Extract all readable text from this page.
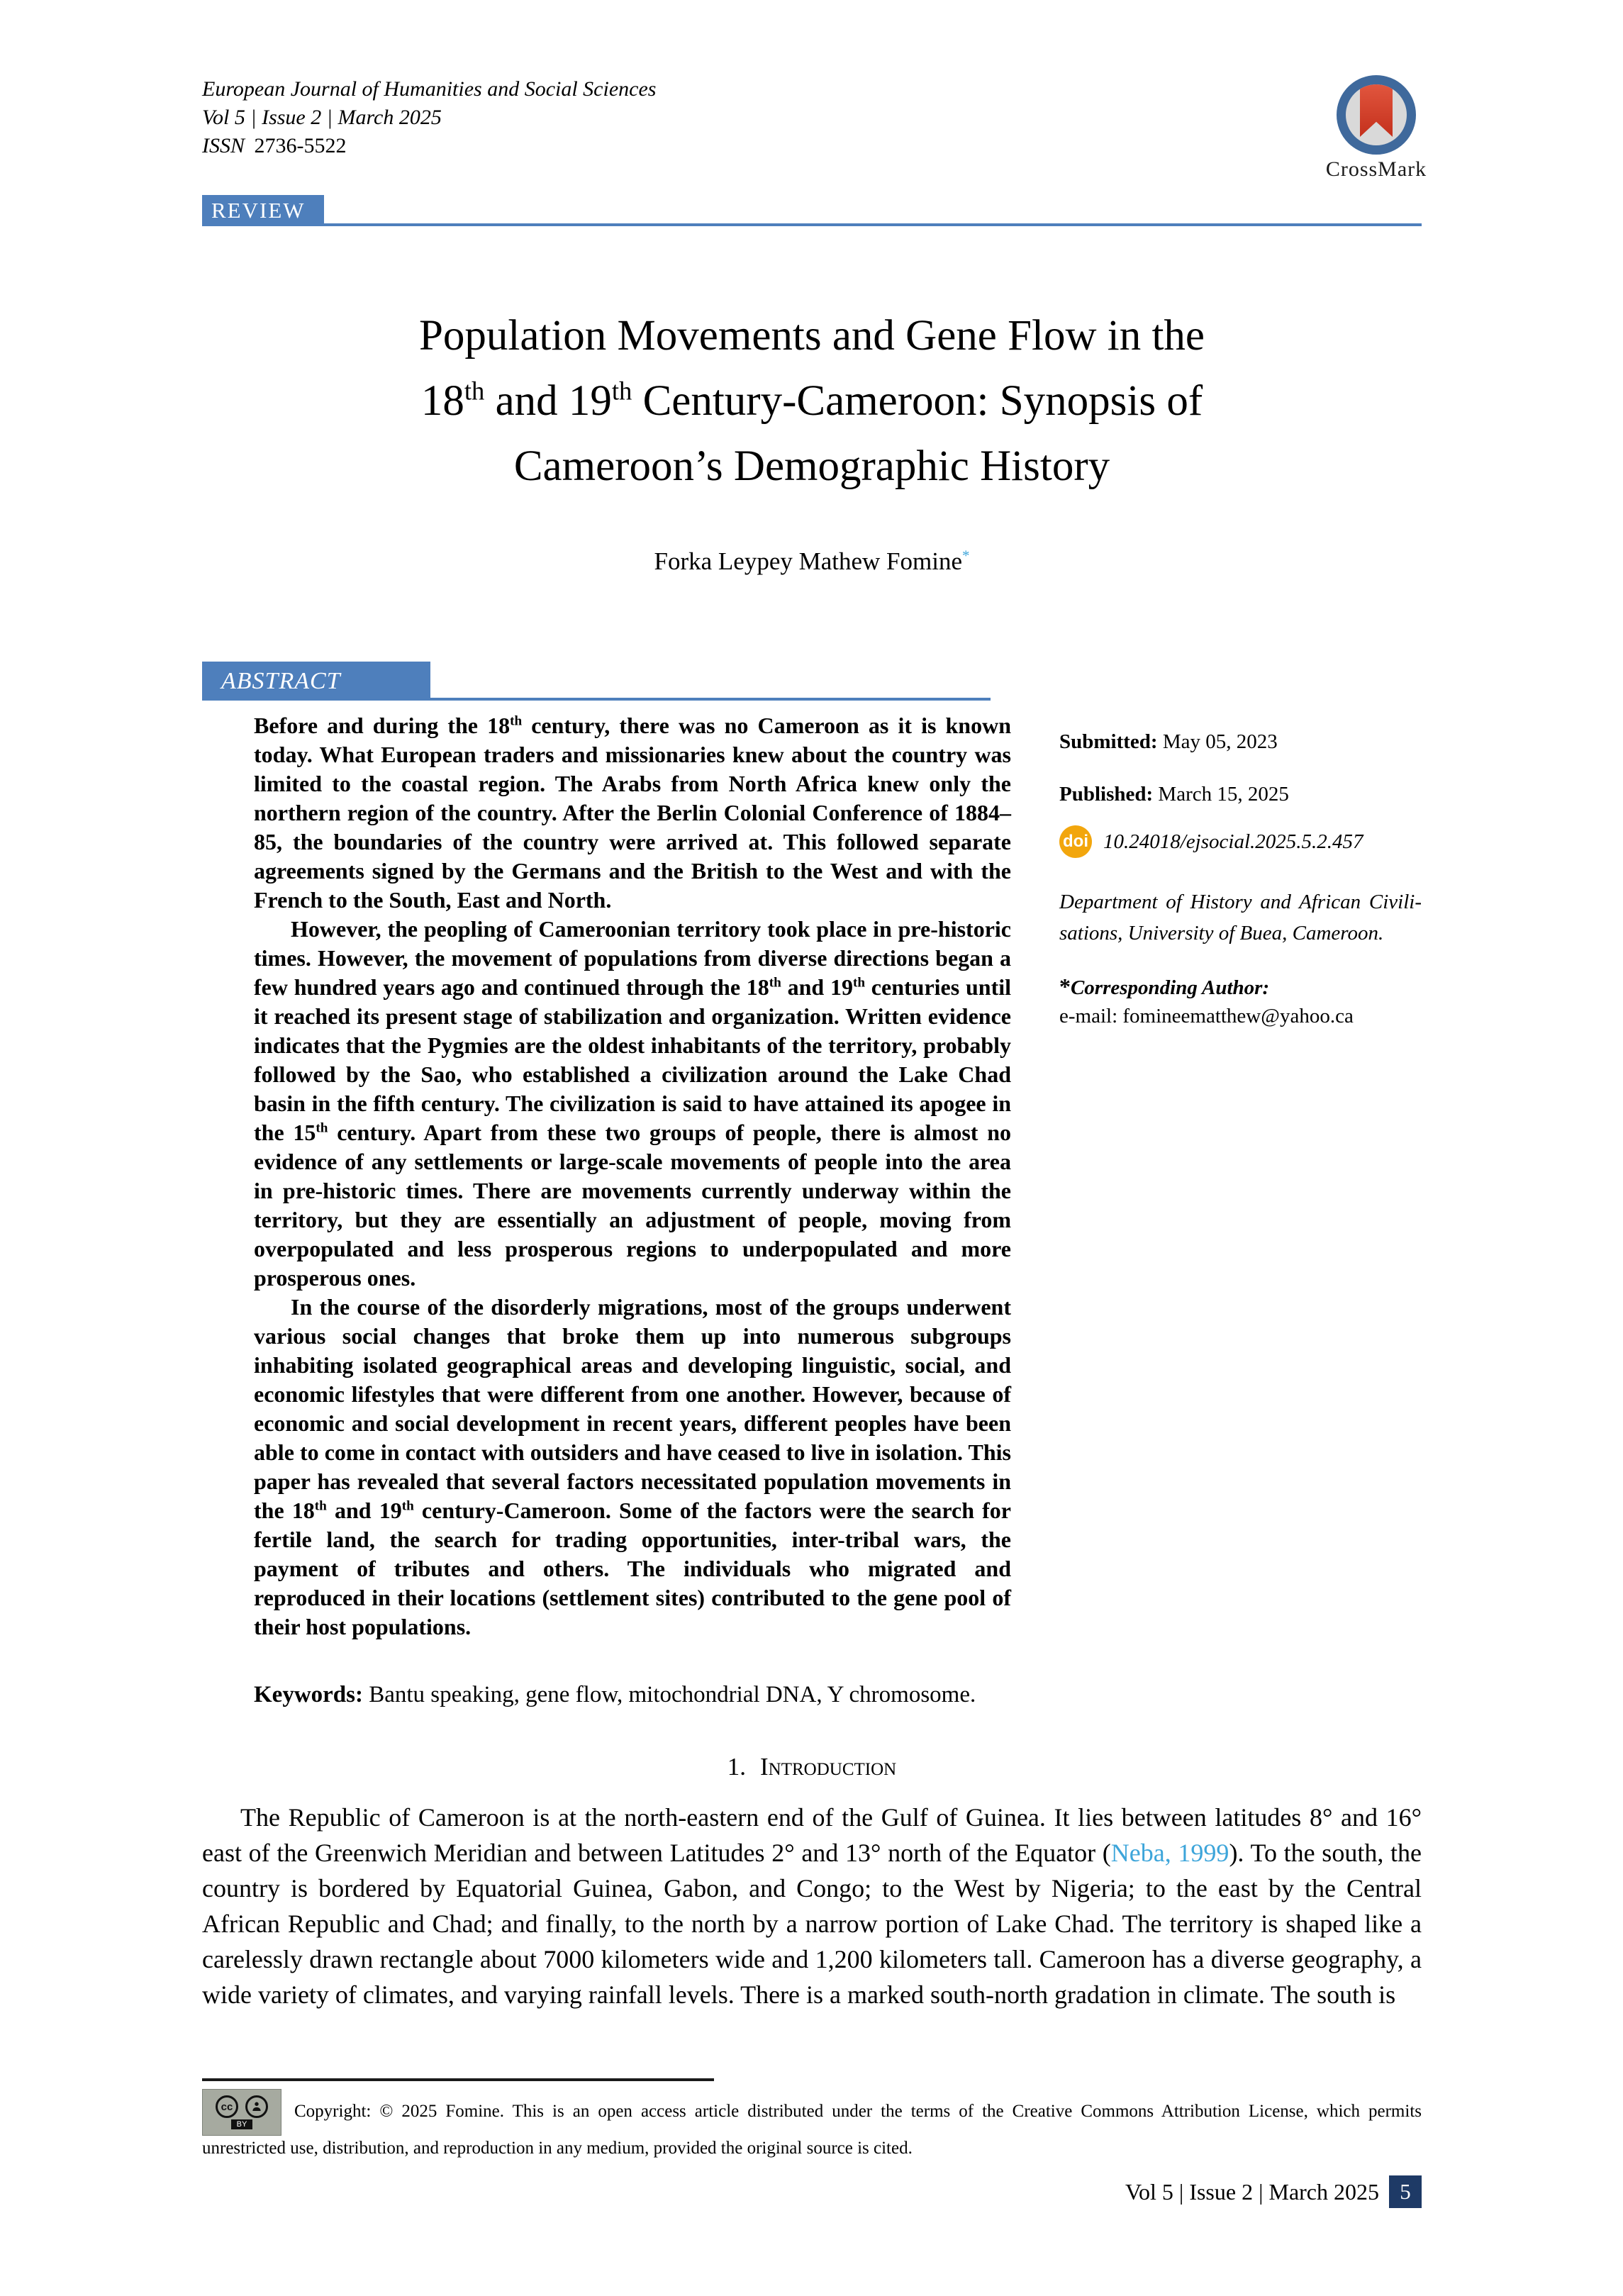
European Journal of Humanities and Social Sciences
Vol 5 | Issue 2 | March 2025
ISSN 2736-5522
CrossMark
REVIEW
Population Movements and Gene Flow in the
18th and 19th Century-Cameroon: Synopsis of
Cameroon’s Demographic History
Forka Leypey Mathew Fomine*
ABSTRACT

Before and during the 18th century, there was no Cameroon as it is known today. What European traders and missionaries knew about the country was limited to the coastal region. The Arabs from North Africa knew only the northern region of the country. After the Berlin Colonial Conference of 1884–85, the boundaries of the country were arrived at. This followed separate agreements signed by the Germans and the British to the West and with the French to the South, East and North.

However, the peopling of Cameroonian territory took place in pre-historic times. However, the movement of populations from diverse directions began a few hundred years ago and continued through the 18th and 19th centuries until it reached its present stage of stabilization and organization. Written evidence indicates that the Pygmies are the oldest inhabitants of the territory, probably followed by the Sao, who established a civilization around the Lake Chad basin in the fifth century. The civilization is said to have attained its apogee in the 15th century. Apart from these two groups of people, there is almost no evidence of any settlements or large-scale movements of people into the area in pre-historic times. There are movements currently underway within the territory, but they are essentially an adjustment of people, moving from overpopulated and less prosperous regions to underpopulated and more prosperous ones.

In the course of the disorderly migrations, most of the groups underwent various social changes that broke them up into numerous subgroups inhabiting isolated geographical areas and developing linguistic, social, and economic lifestyles that were different from one another. However, because of economic and social development in recent years, different peoples have been able to come in contact with outsiders and have ceased to live in isolation. This paper has revealed that several factors necessitated population movements in the 18th and 19th century-Cameroon. Some of the factors were the search for fertile land, the search for trading opportunities, inter-tribal wars, the payment of tributes and others. The individuals who migrated and reproduced in their locations (settlement sites) contributed to the gene pool of their host populations.

Submitted: May 05, 2023
Published: March 15, 2025
doi 10.24018/ejsocial.2025.5.2.457
Department of History and African Civili-sations, University of Buea, Cameroon.
*Corresponding Author:
e-mail: fomineematthew@yahoo.ca
Keywords: Bantu speaking, gene flow, mitochondrial DNA, Y chromosome.
1. Introduction
The Republic of Cameroon is at the north-eastern end of the Gulf of Guinea. It lies between latitudes 8° and 16° east of the Greenwich Meridian and between Latitudes 2° and 13° north of the Equator (Neba, 1999). To the south, the country is bordered by Equatorial Guinea, Gabon, and Congo; to the West by Nigeria; to the east by the Central African Republic and Chad; and finally, to the north by a narrow portion of Lake Chad. The territory is shaped like a carelessly drawn rectangle about 7000 kilometers wide and 1,200 kilometers tall. Cameroon has a diverse geography, a wide variety of climates, and varying rainfall levels. There is a marked south-north gradation in climate. The south is
cc
BY

Copyright: © 2025 Fomine. This is an open access article distributed under the terms of the Creative Commons Attribution License, which permits unrestricted use, distribution, and reproduction in any medium, provided the original source is cited.

Vol 5 | Issue 2 | March 2025 5
